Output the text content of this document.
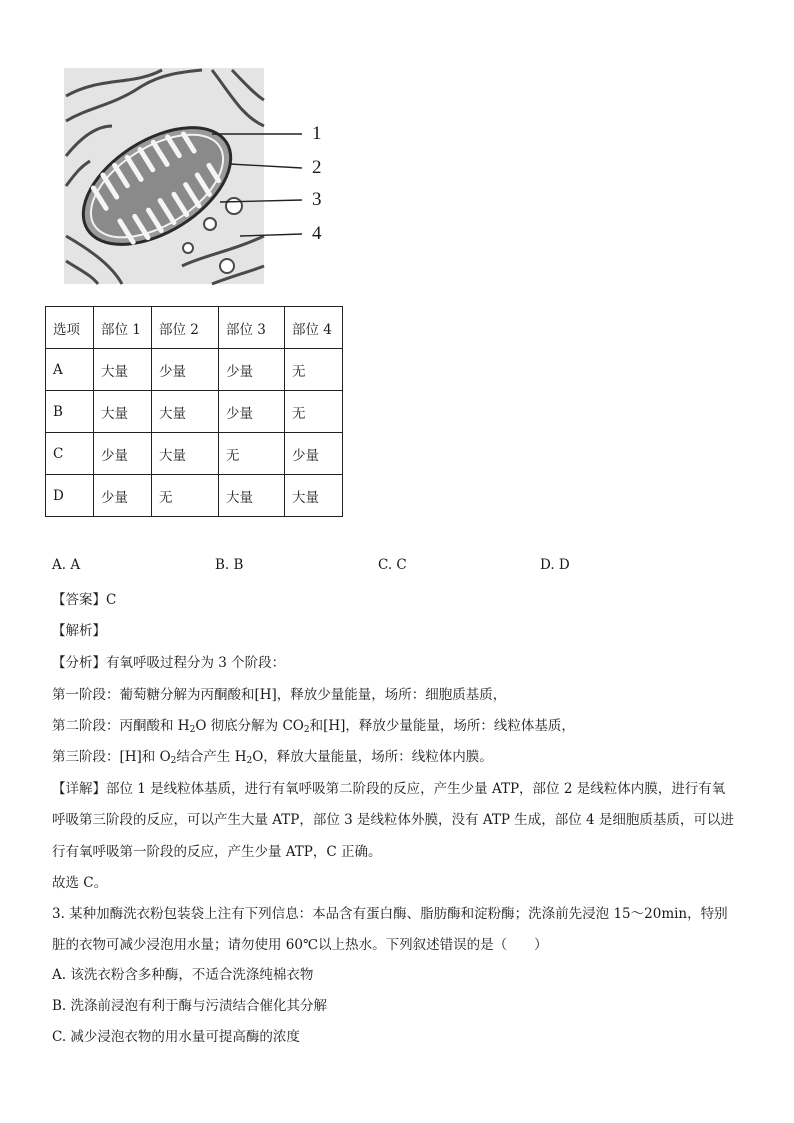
1
2
3
4
选项	部位 1	部位 2	部位 3	部位 4
A	大量	少量	少量	无
B	大量	大量	少量	无
C	少量	大量	无	少量
D	少量	无	大量	大量
A. A	B. B	C. C	D. D
【答案】C
【解析】
【分析】有氧呼吸过程分为 3 个阶段：
第一阶段：葡萄糖分解为丙酮酸和[H]，释放少量能量，场所：细胞质基质，
第二阶段：丙酮酸和 $H_2O$ 彻底分解为 $CO_2$和[H]，释放少量能量，场所：线粒体基质，
第三阶段：[H]和 $O_2$结合产生 $H_2O$，释放大量能量，场所：线粒体内膜。
【详解】部位 1 是线粒体基质，进行有氧呼吸第二阶段的反应，产生少量 ATP，部位 2 是线粒体内膜，进行有氧
呼吸第三阶段的反应，可以产生大量 ATP，部位 3 是线粒体外膜，没有 ATP 生成，部位 4 是细胞质基质，可以进
行有氧呼吸第一阶段的反应，产生少量 ATP，C 正确。
故选 C。
3. 某种加酶洗衣粉包装袋上注有下列信息：本品含有蛋白酶、脂肪酶和淀粉酶；洗涤前先浸泡 15～20min，特别
脏的衣物可减少浸泡用水量；请勿使用 60℃以上热水。下列叙述错误的是（　　）
A. 该洗衣粉含多种酶，不适合洗涤纯棉衣物
B. 洗涤前浸泡有利于酶与污渍结合催化其分解
C. 减少浸泡衣物的用水量可提高酶的浓度
